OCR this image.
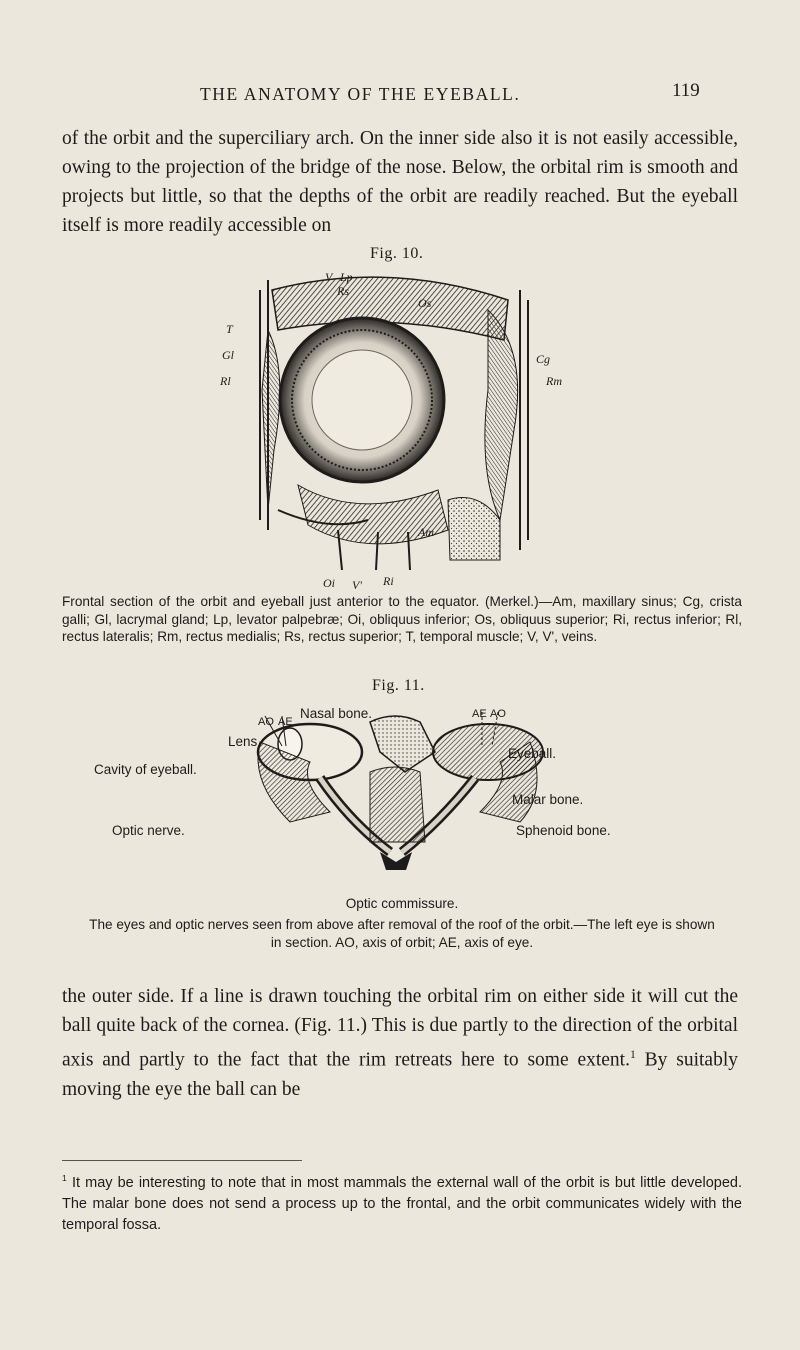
THE ANATOMY OF THE EYEBALL.	119

of the orbit and the superciliary arch. On the inner side also it is not easily accessible, owing to the projection of the bridge of the nose. Below, the orbital rim is smooth and projects but little, so that the depths of the orbit are readily reached. But the eyeball itself is more readily accessible on

Fig. 10.
V Lp
Rs
Os
T
Gl	Cg
Rl	Rm
Am
Oi V' Ri
Frontal section of the orbit and eyeball just anterior to the equator. (Merkel.)—Am, maxillary sinus; Cg, crista galli; Gl, lacrymal gland; Lp, levator palpebræ; Oi, obliquus inferior; Os, obliquus superior; Ri, rectus inferior; Rl, rectus lateralis; Rm, rectus medialis; Rs, rectus superior; T, temporal muscle; V, V', veins.
Fig. 11.
Nasal bone.
AO AE
AE AO
Lens.
Eyeball.
Cavity of eyeball.
Malar bone.
Optic nerve.	Sphenoid bone.
Optic commissure.
The eyes and optic nerves seen from above after removal of the roof of the orbit.—The left eye is shown
in section. AO, axis of orbit; AE, axis of eye.

the outer side. If a line is drawn touching the orbital rim on either side it will cut the ball quite back of the cornea. (Fig. 11.) This is due partly to the direction of the orbital axis and partly to the fact that the rim retreats here to some extent.$^1$ By suitably moving the eye the ball can be

$^1$ It may be interesting to note that in most mammals the external wall of the orbit is but little developed. The malar bone does not send a process up to the frontal, and the orbit communicates widely with the temporal fossa.
